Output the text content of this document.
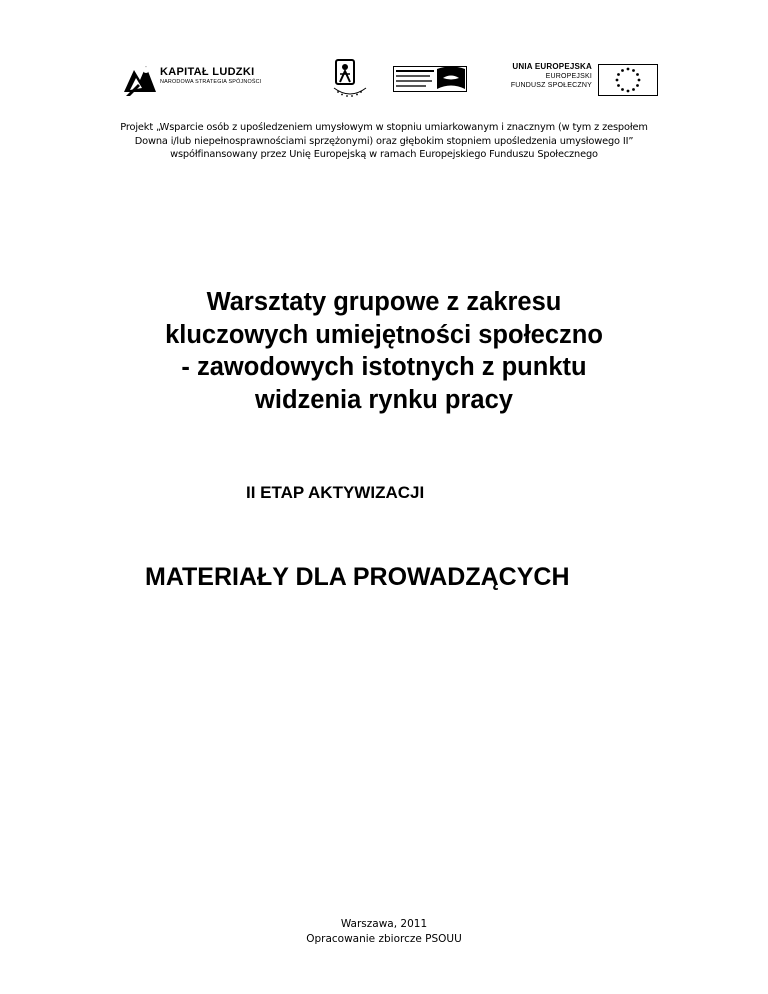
KAPITAŁ LUDZKI
NARODOWA STRATEGIA SPÓJNOŚCI
UNIA EUROPEJSKA
EUROPEJSKI
FUNDUSZ SPOŁECZNY
Projekt „Wsparcie osób z upośledzeniem umysłowym w stopniu umiarkowanym i znacznym (w tym z zespołem
Downa i/lub niepełnosprawnościami sprzężonymi) oraz głębokim stopniem upośledzenia umysłowego II”
współfinansowany przez Unię Europejską w ramach Europejskiego Funduszu Społecznego
Warsztaty grupowe z zakresu
kluczowych umiejętności społeczno
- zawodowych istotnych z punktu
widzenia rynku pracy
II ETAP AKTYWIZACJI
MATERIAŁY DLA PROWADZĄCYCH
Warszawa, 2011
Opracowanie zbiorcze PSOUU
